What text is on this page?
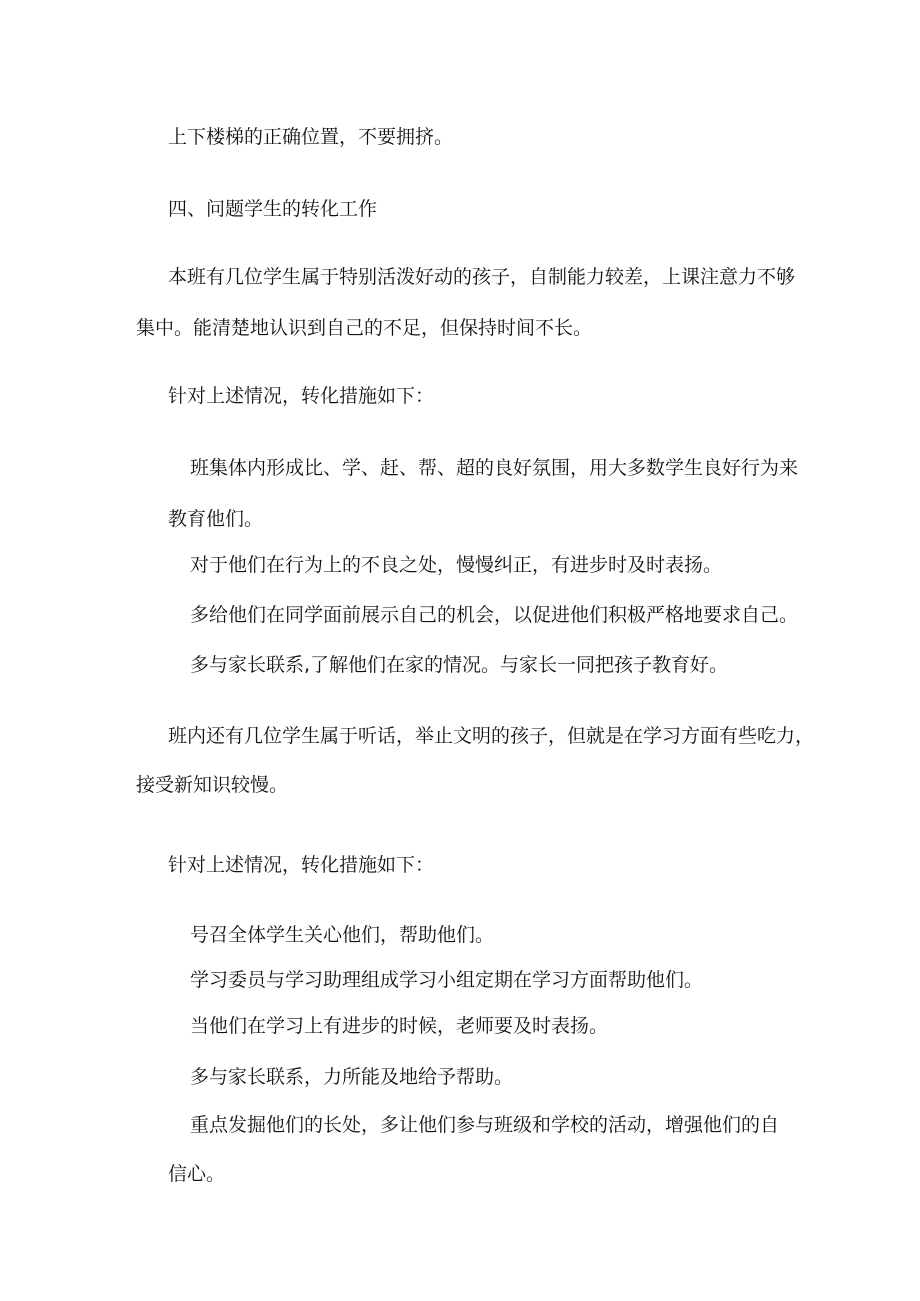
上下楼梯的正确位置，不要拥挤。

四、问题学生的转化工作

本班有几位学生属于特别活泼好动的孩子，自制能力较差，上课注意力不够

集中。能清楚地认识到自己的不足，但保持时间不长。

针对上述情况，转化措施如下：

班集体内形成比、学、赶、帮、超的良好氛围，用大多数学生良好行为来

教育他们。

对于他们在行为上的不良之处，慢慢纠正，有进步时及时表扬。

多给他们在同学面前展示自己的机会，以促进他们积极严格地要求自己。

多与家长联系,了解他们在家的情况。与家长一同把孩子教育好。

班内还有几位学生属于听话，举止文明的孩子，但就是在学习方面有些吃力，

接受新知识较慢。

针对上述情况，转化措施如下：

号召全体学生关心他们，帮助他们。

学习委员与学习助理组成学习小组定期在学习方面帮助他们。

当他们在学习上有进步的时候，老师要及时表扬。

多与家长联系，力所能及地给予帮助。

重点发掘他们的长处，多让他们参与班级和学校的活动，增强他们的自

信心。
